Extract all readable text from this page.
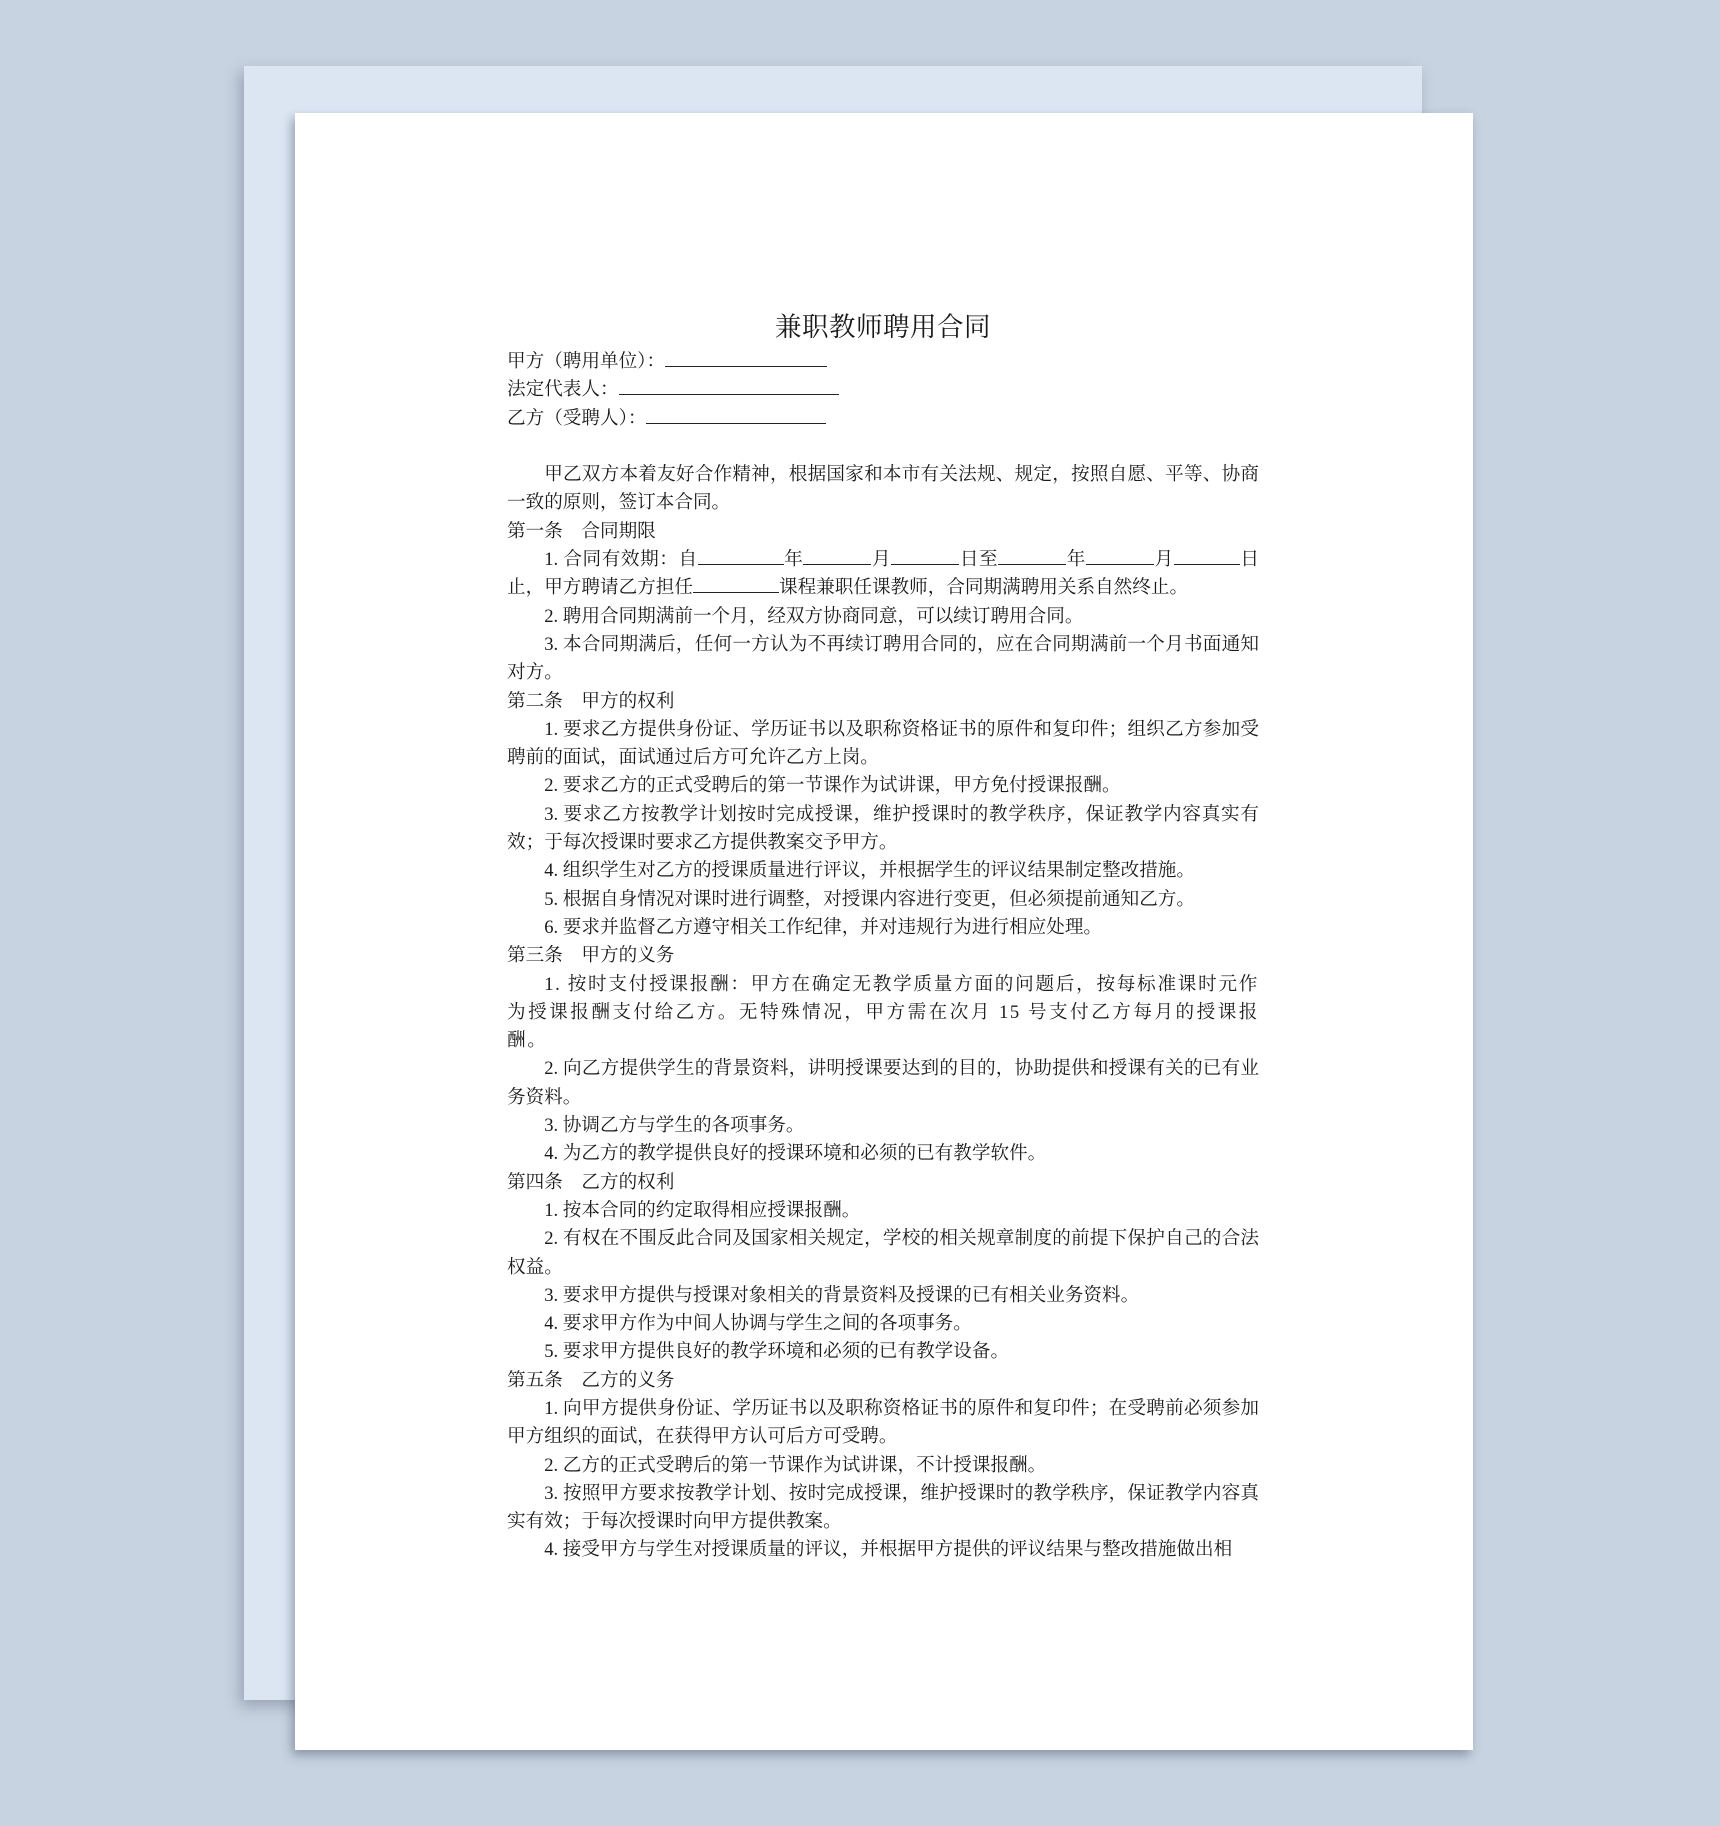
兼职教师聘用合同
甲方（聘用单位）：
法定代表人：
乙方（受聘人）：
甲乙双方本着友好合作精神，根据国家和本市有关法规、规定，按照自愿、平等、协商一致的原则，签订本合同。
第一条　合同期限
1. 合同有效期：自	年	月	日至	年	月	日止，甲方聘请乙方担任	课程兼职任课教师，合同期满聘用关系自然终止。
2. 聘用合同期满前一个月，经双方协商同意，可以续订聘用合同。
3. 本合同期满后，任何一方认为不再续订聘用合同的，应在合同期满前一个月书面通知对方。
第二条　甲方的权利
1. 要求乙方提供身份证、学历证书以及职称资格证书的原件和复印件；组织乙方参加受聘前的面试，面试通过后方可允许乙方上岗。
2. 要求乙方的正式受聘后的第一节课作为试讲课，甲方免付授课报酬。
3. 要求乙方按教学计划按时完成授课，维护授课时的教学秩序，保证教学内容真实有效；于每次授课时要求乙方提供教案交予甲方。
4. 组织学生对乙方的授课质量进行评议，并根据学生的评议结果制定整改措施。
5. 根据自身情况对课时进行调整，对授课内容进行变更，但必须提前通知乙方。
6. 要求并监督乙方遵守相关工作纪律，并对违规行为进行相应处理。
第三条　甲方的义务
1. 按时支付授课报酬：甲方在确定无教学质量方面的问题后，按每标准课时元作为授课报酬支付给乙方。无特殊情况，甲方需在次月 15 号支付乙方每月的授课报酬。
2. 向乙方提供学生的背景资料，讲明授课要达到的目的，协助提供和授课有关的已有业务资料。
3. 协调乙方与学生的各项事务。
4. 为乙方的教学提供良好的授课环境和必须的已有教学软件。
第四条　乙方的权利
1. 按本合同的约定取得相应授课报酬。
2. 有权在不围反此合同及国家相关规定，学校的相关规章制度的前提下保护自己的合法权益。
3. 要求甲方提供与授课对象相关的背景资料及授课的已有相关业务资料。
4. 要求甲方作为中间人协调与学生之间的各项事务。
5. 要求甲方提供良好的教学环境和必须的已有教学设备。
第五条　乙方的义务
1. 向甲方提供身份证、学历证书以及职称资格证书的原件和复印件；在受聘前必须参加甲方组织的面试，在获得甲方认可后方可受聘。
2. 乙方的正式受聘后的第一节课作为试讲课，不计授课报酬。
3. 按照甲方要求按教学计划、按时完成授课，维护授课时的教学秩序，保证教学内容真实有效；于每次授课时向甲方提供教案。
4. 接受甲方与学生对授课质量的评议，并根据甲方提供的评议结果与整改措施做出相
